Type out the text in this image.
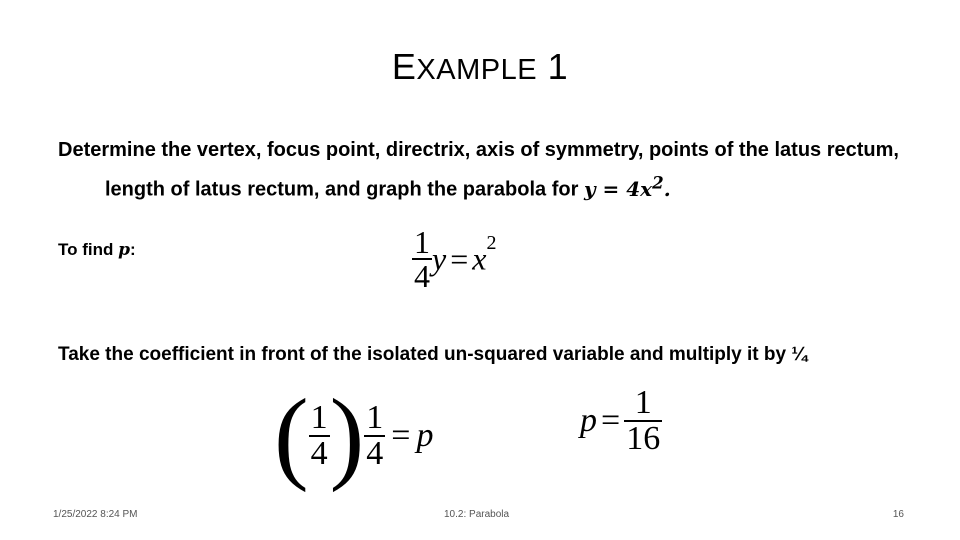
EXAMPLE 1
Determine the vertex, focus point, directrix, axis of symmetry, points of the latus rectum, length of latus rectum, and graph the parabola for $y = 4x^2$.
To find p:	$\frac{1}{4}$ $y = x^2$
Take the coefficient in front of the isolated un-squared variable and multiply it by ¼
( $\frac{1}{4}$ ) $\frac{1}{4} = p$	$p = \frac{1}{16}$
1/25/2022 8:24 PM	10.2: Parabola	16
